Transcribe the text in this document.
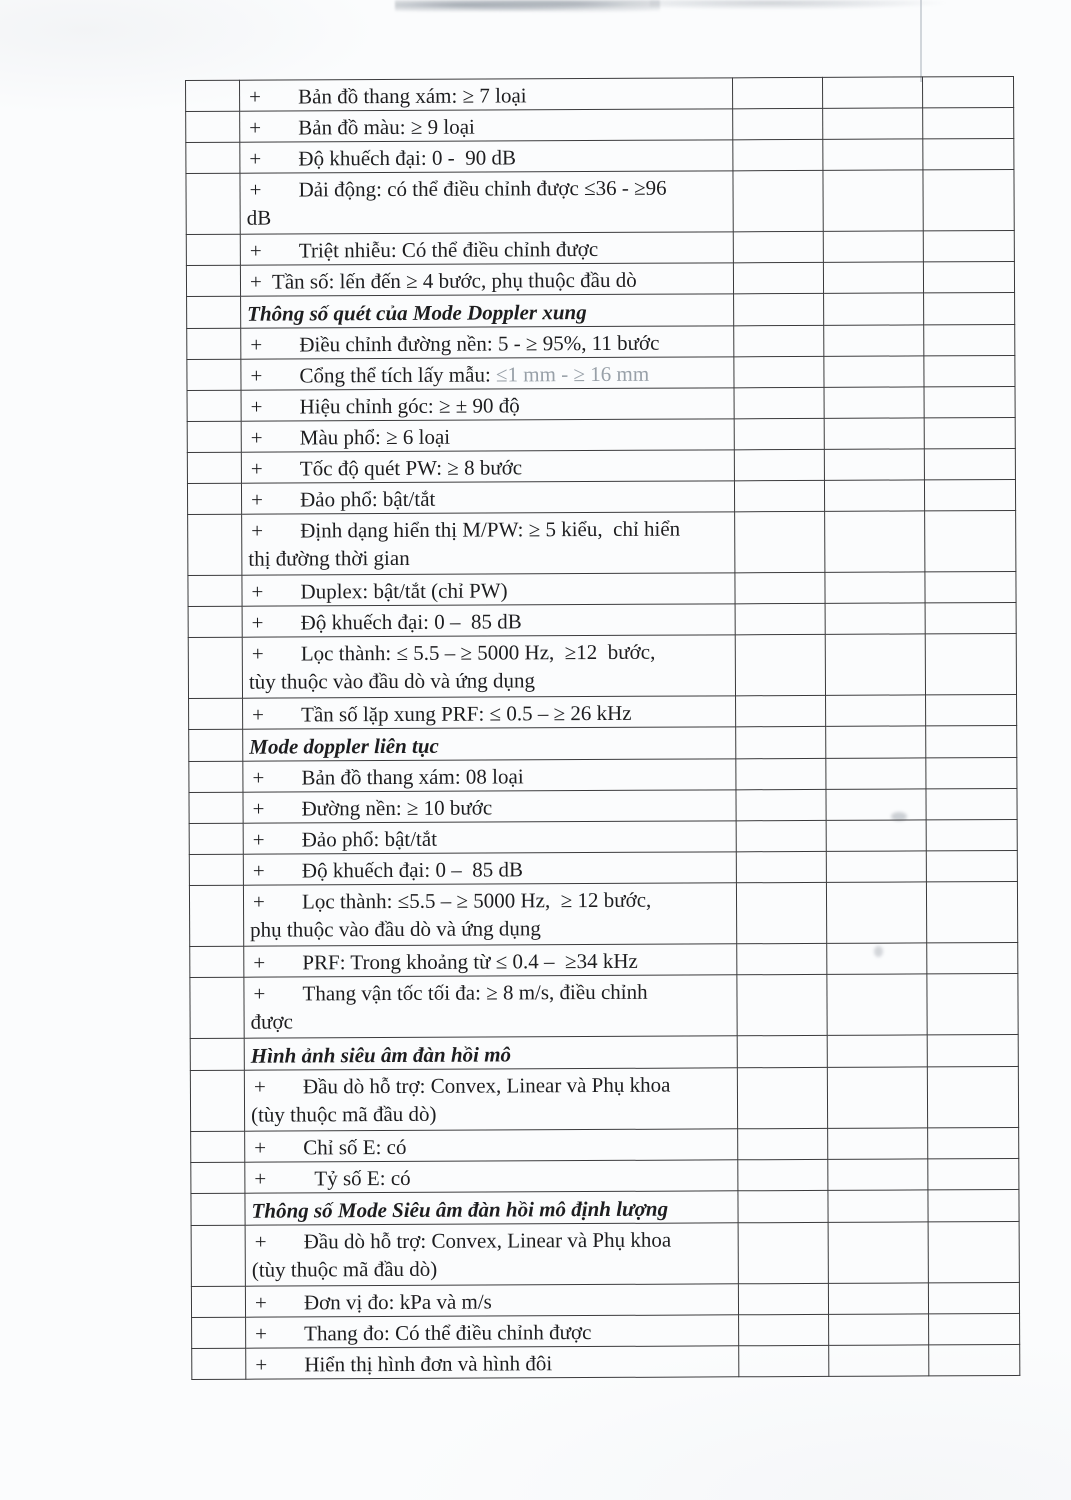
	+ Bản đồ thang xám: ≥ 7 loại			

	+ Bản đồ màu: ≥ 9 loại			

	+ Độ khuếch đại: 0 -  90 dB			

	+ Dải động: có thể điều chỉnh được ≤36 - ≥96
dB			

	+ Triệt nhiễu: Có thể điều chỉnh được			

	+ Tần số: lến đến ≥ 4 bước, phụ thuộc đầu dò			

	Thông số quét của Mode Doppler xung			

	+ Điều chỉnh đường nền: 5 - ≥ 95%, 11 bước			

	+ Cổng thể tích lấy mẫu: ≤1 mm - ≥ 16 mm			

	+ Hiệu chỉnh góc: ≥ ± 90 độ			

	+ Màu phổ: ≥ 6 loại			

	+ Tốc độ quét PW: ≥ 8 bước			

	+ Đảo phổ: bật/tắt			

	+ Định dạng hiển thị M/PW: ≥ 5 kiểu,  chỉ hiển
thị đường thời gian			

	+ Duplex: bật/tắt (chỉ PW)			

	+ Độ khuếch đại: 0 –  85 dB			

	+ Lọc thành: ≤ 5.5 – ≥ 5000 Hz,  ≥12  bước,
tùy thuộc vào đầu dò và ứng dụng			

	+ Tần số lặp xung PRF: ≤ 0.5 – ≥ 26 kHz			

	Mode doppler liên tục			

	+ Bản đồ thang xám: 08 loại			

	+ Đường nền: ≥ 10 bước			

	+ Đảo phổ: bật/tắt			

	+ Độ khuếch đại: 0 –  85 dB			

	+ Lọc thành: ≤5.5 – ≥ 5000 Hz,  ≥ 12 bước,
phụ thuộc vào đầu dò và ứng dụng			

	+ PRF: Trong khoảng từ ≤ 0.4 –  ≥34 kHz			

	+ Thang vận tốc tối đa: ≥ 8 m/s, điều chỉnh
được			

	Hình ảnh siêu âm đàn hồi mô			

	+ Đầu dò hỗ trợ: Convex, Linear và Phụ khoa
(tùy thuộc mã đầu dò)			

	+ Chỉ số E: có			

	+ Tỷ số E: có			

	Thông số Mode Siêu âm đàn hồi mô định lượng			

	+ Đầu dò hỗ trợ: Convex, Linear và Phụ khoa
(tùy thuộc mã đầu dò)			

	+ Đơn vị đo: kPa và m/s			

	+ Thang đo: Có thể điều chỉnh được			

	+ Hiển thị hình đơn và hình đôi			
